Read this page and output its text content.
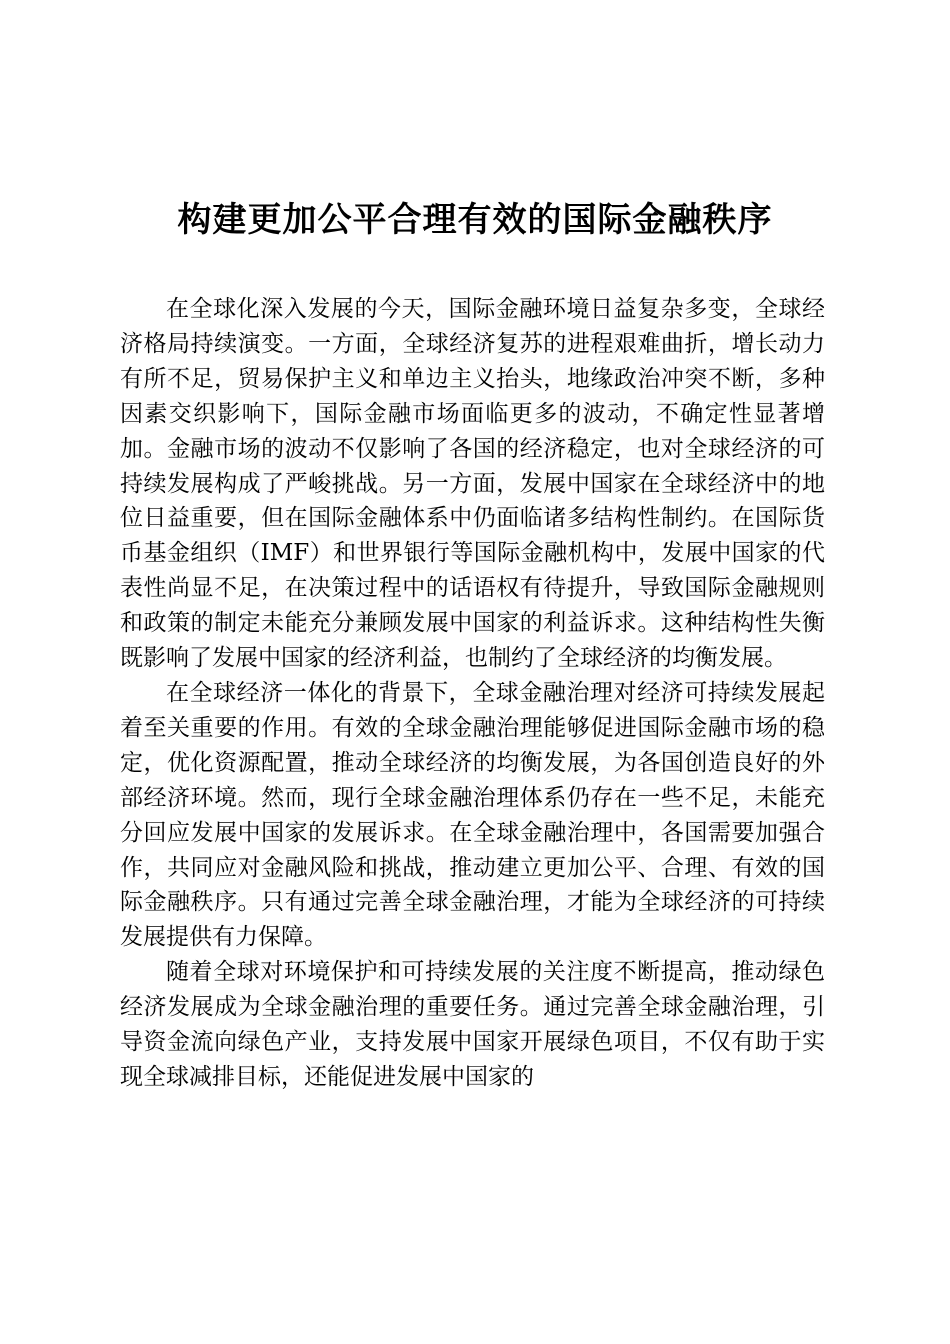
构建更加公平合理有效的国际金融秩序

在全球化深入发展的今天，国际金融环境日益复杂多变，全球经济格局持续演变。一方面，全球经济复苏的进程艰难曲折，增长动力有所不足，贸易保护主义和单边主义抬头，地缘政治冲突不断，多种因素交织影响下，国际金融市场面临更多的波动，不确定性显著增加。金融市场的波动不仅影响了各国的经济稳定，也对全球经济的可持续发展构成了严峻挑战。另一方面，发展中国家在全球经济中的地位日益重要，但在国际金融体系中仍面临诸多结构性制约。在国际货币基金组织（IMF）和世界银行等国际金融机构中，发展中国家的代表性尚显不足，在决策过程中的话语权有待提升，导致国际金融规则和政策的制定未能充分兼顾发展中国家的利益诉求。这种结构性失衡既影响了发展中国家的经济利益，也制约了全球经济的均衡发展。

在全球经济一体化的背景下，全球金融治理对经济可持续发展起着至关重要的作用。有效的全球金融治理能够促进国际金融市场的稳定，优化资源配置，推动全球经济的均衡发展，为各国创造良好的外部经济环境。然而，现行全球金融治理体系仍存在一些不足，未能充分回应发展中国家的发展诉求。在全球金融治理中，各国需要加强合作，共同应对金融风险和挑战，推动建立更加公平、合理、有效的国际金融秩序。只有通过完善全球金融治理，才能为全球经济的可持续发展提供有力保障。

随着全球对环境保护和可持续发展的关注度不断提高，推动绿色经济发展成为全球金融治理的重要任务。通过完善全球金融治理，引导资金流向绿色产业，支持发展中国家开展绿色项目，不仅有助于实现全球减排目标，还能促进发展中国家的
